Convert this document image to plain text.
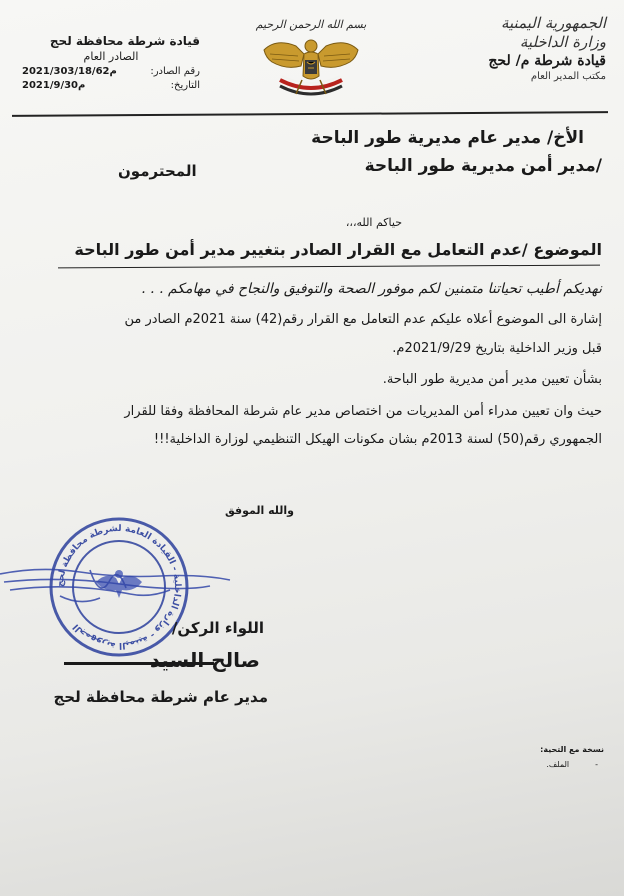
الجمهورية اليمنية
وزارة الداخلية
قيادة شرطة م/ لحج
مكتب المدير العام
بسم الله الرحمن الرحيم
قيادة شرطة محافظة لحج
الصادر العام
رقم الصادر:
2021/303/18/62م
التاريخ:
2021/9/30م
الأخ/ مدير عام مديرية طور الباحة
/مدير أمن مديرية طور الباحة
المحترمون
حياكم الله،،،
الموضوع /عدم التعامل مع القرار الصادر بتغيير مدير أمن طور الباحة
نهديكم أطيب تحياتنا متمنين لكم موفور الصحة والتوفيق والنجاح في مهامكم . . .
إشارة الى الموضوع أعلاه عليكم عدم التعامل مع القرار رقم(42) سنة 2021م الصادر من
قبل وزير الداخلية بتاريخ 2021/9/29م.
بشأن تعيين مدير أمن مديرية طور الباحة.
حيث وان تعيين مدراء أمن المديريات من اختصاص مدير عام شرطة المحافظة وفقا للقرار
الجمهوري رقم(50) لسنة 2013م بشان مكونات الهيكل التنظيمي لوزارة الداخلية!!!
والله الموفق
الجمهورية اليمنية - وزارة الداخلية - القيادة العامة لشرطة محافظة لحج	اللواء الركن/
صالح السيد
مدير عام شرطة محافظة لحج
نسخة مع التحية:
-
الملف.
